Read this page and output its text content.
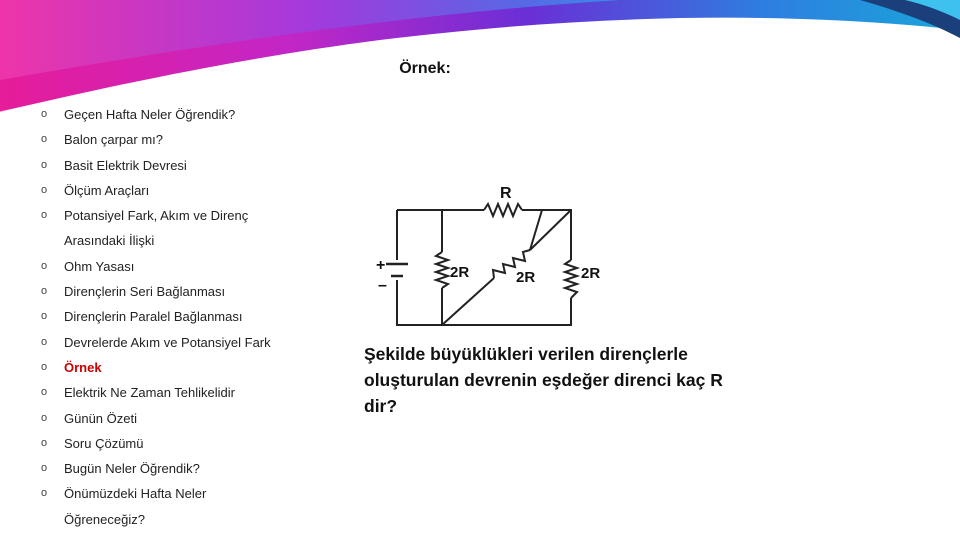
Örnek:
o Geçen Hafta Neler Öğrendik?
o Balon çarpar mı?
o Basit Elektrik Devresi
o Ölçüm Araçları
o Potansiyel Fark, Akım ve Direnç
Arasındaki İlişki
o Ohm Yasası
o Dirençlerin Seri Bağlanması
o Dirençlerin Paralel Bağlanması
o Devrelerde Akım ve Potansiyel Fark
o Örnek
o Elektrik Ne Zaman Tehlikelidir
o Günün Özeti
o Soru Çözümü
o Bugün Neler Öğrendik?
o Önümüzdeki Hafta Neler
Öğreneceğiz?
+
–
R
2R	2R	2R
Şekilde büyüklükleri verilen dirençlerle
oluşturulan devrenin eşdeğer direnci kaç R
dir?
